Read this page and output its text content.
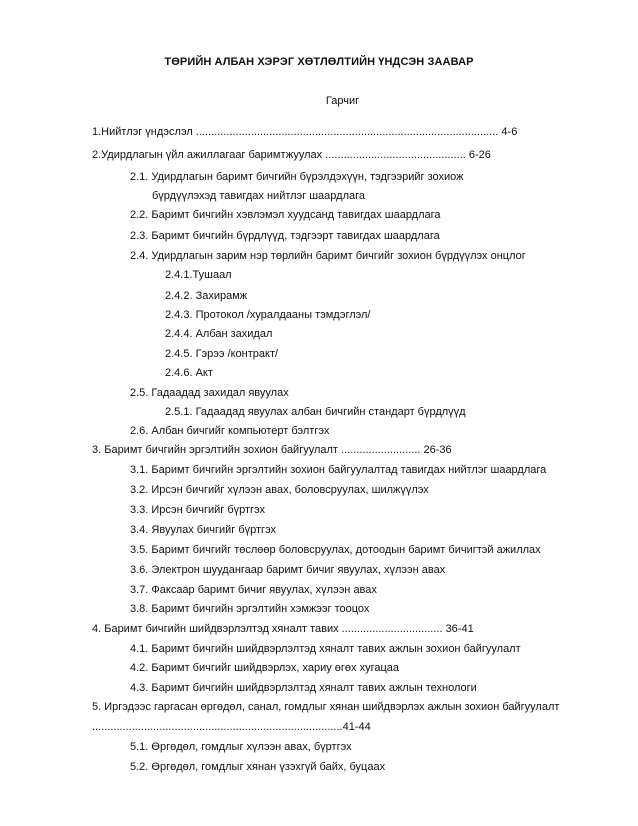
ТӨРИЙН АЛБАН ХЭРЭГ ХӨТЛӨЛТИЙН ҮНДСЭН ЗААВАР
Гарчиг
1.Нийтлэг үндэслэл ................................................................................................... 4-6
2.Удирдлагын үйл ажиллагааг баримтжуулах .............................................. 6-26
2.1. Удирдлагын баримт бичгийн бүрэлдэхүүн, тэдгээрийг зохиож
бүрдүүлэхэд тавигдах нийтлэг шаардлага
2.2. Баримт бичгийн хэвлэмэл хуудсанд тавигдах шаардлага
2.3. Баримт бичгийн бүрдлүүд, тэдгээрт тавигдах шаардлага
2.4. Удирдлагын зарим нэр төрлийн баримт бичгийг зохион бүрдүүлэх онцлог
2.4.1.Тушаал
2.4.2. Захирамж
2.4.3. Протокол /хуралдааны тэмдэглэл/
2.4.4. Албан захидал
2.4.5. Гэрээ /контракт/
2.4.6. Акт
2.5. Гадаадад захидал явуулах
2.5.1. Гадаадад явуулах албан бичгийн стандарт бүрдлүүд
2.6. Албан бичгийг компьютерт бэлтгэх
3. Баримт бичгийн эргэлтийн зохион байгуулалт .......................... 26-36
3.1. Баримт бичгийн эргэлтийн зохион байгуулалтад тавигдах нийтлэг шаардлага
3.2. Ирсэн бичгийг хүлээн авах, боловсруулах, шилжүүлэх
3.3. Ирсэн бичгийг бүртгэх
3.4. Явуулах бичгийг бүртгэх
3.5. Баримт бичгийг төслөөр боловсруулах, дотоодын баримт бичигтэй ажиллах
3.6. Электрон шуудангаар баримт бичиг явуулах, хүлээн авах
3.7. Факсаар баримт бичиг явуулах, хүлээн авах
3.8. Баримт бичгийн эргэлтийн хэмжээг тооцох
4. Баримт бичгийн шийдвэрлэлтэд хяналт тавих ................................. 36-41
4.1. Баримт бичгийн шийдвэрлэлтэд хяналт тавих ажлын зохион байгуулалт
4.2. Баримт бичгийг шийдвэрлэх, хариу өгөх хугацаа
4.3. Баримт бичгийн шийдвэрлэлтэд хяналт тавих ажлын технологи
5. Иргэдээс гаргасан өргөдөл, санал, гомдлыг хянан шийдвэрлэх ажлын зохион байгуулалт
..................................................................................41-44
5.1. Өргөдөл, гомдлыг хүлээн авах, бүртгэх
5.2. Өргөдөл, гомдлыг хянан үзэхгүй байх, буцаах
